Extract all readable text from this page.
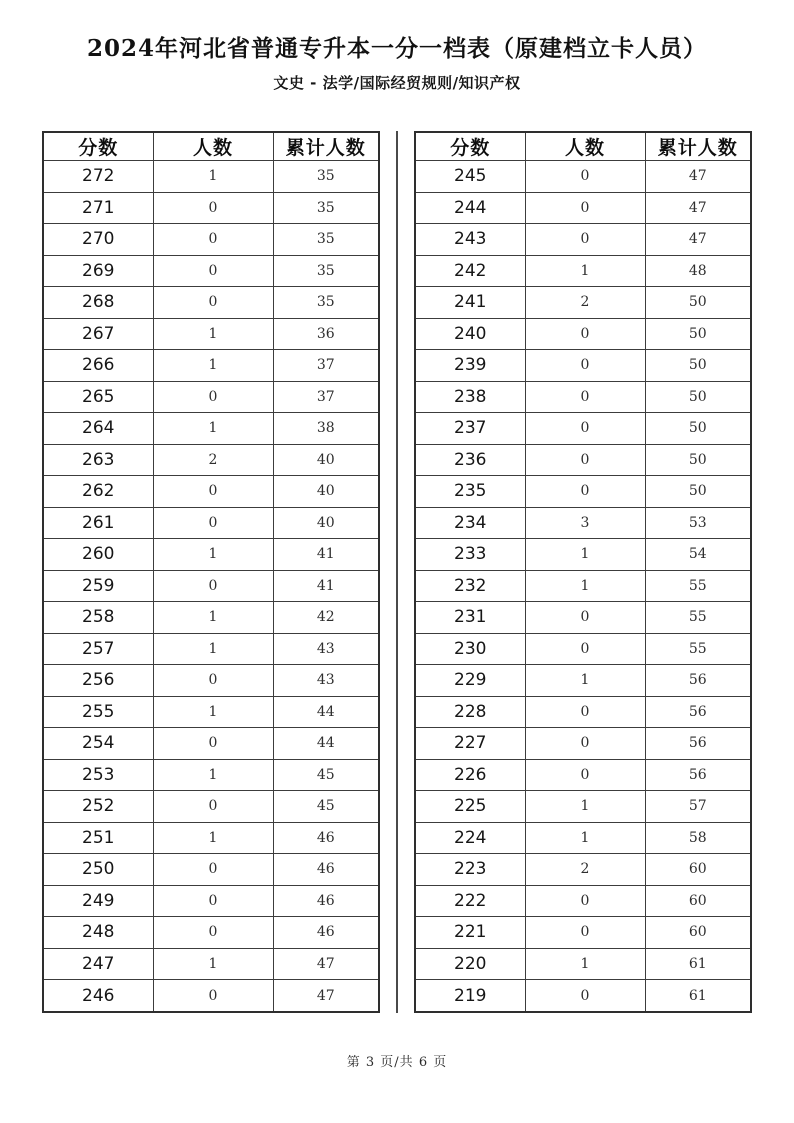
2024年河北省普通专升本一分一档表（原建档立卡人员）
文史 - 法学/国际经贸规则/知识产权
分数	人数	累计人数
272	1	35
271	0	35
270	0	35
269	0	35
268	0	35
267	1	36
266	1	37
265	0	37
264	1	38
263	2	40
262	0	40
261	0	40
260	1	41
259	0	41
258	1	42
257	1	43
256	0	43
255	1	44
254	0	44
253	1	45
252	0	45
251	1	46
250	0	46
249	0	46
248	0	46
247	1	47
246	0	47
分数	人数	累计人数
245	0	47
244	0	47
243	0	47
242	1	48
241	2	50
240	0	50
239	0	50
238	0	50
237	0	50
236	0	50
235	0	50
234	3	53
233	1	54
232	1	55
231	0	55
230	0	55
229	1	56
228	0	56
227	0	56
226	0	56
225	1	57
224	1	58
223	2	60
222	0	60
221	0	60
220	1	61
219	0	61
第 3 页/共 6 页
